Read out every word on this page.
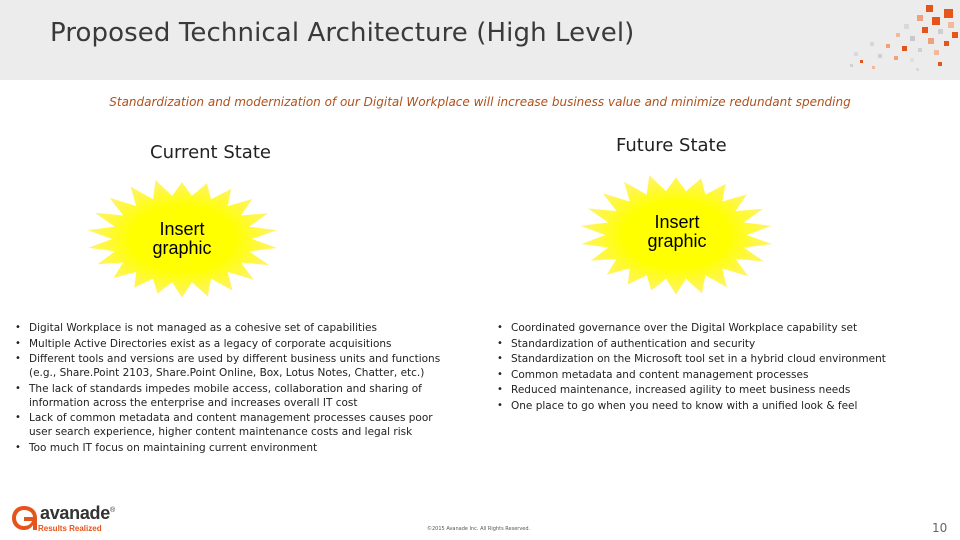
Proposed Technical Architecture (High Level)
Standardization and modernization of our Digital Workplace will increase business value and minimize redundant spending
Current State
Insert
graphic
• Digital Workplace is not managed as a cohesive set of capabilities
• Multiple Active Directories exist as a legacy of corporate acquisitions
• Different tools and versions are used by different business units and functions (e.g., Share.Point 2103, Share.Point Online, Box, Lotus Notes, Chatter, etc.)
• The lack of standards impedes mobile access, collaboration and sharing of information across the enterprise and increases overall IT cost
• Lack of common metadata and content management processes causes poor user search experience, higher content maintenance costs and legal risk
• Too much IT focus on maintaining current environment
Future State
Insert
graphic
• Coordinated governance over the Digital Workplace capability set
• Standardization of authentication and security
• Standardization on the Microsoft tool set in a hybrid cloud environment
• Common metadata and content management processes
• Reduced maintenance, increased agility to meet business needs
• One place to go when you need to know with a unified look & feel
avanade®
Results Realized	©2015 Avanade Inc. All Rights Reserved.	10
